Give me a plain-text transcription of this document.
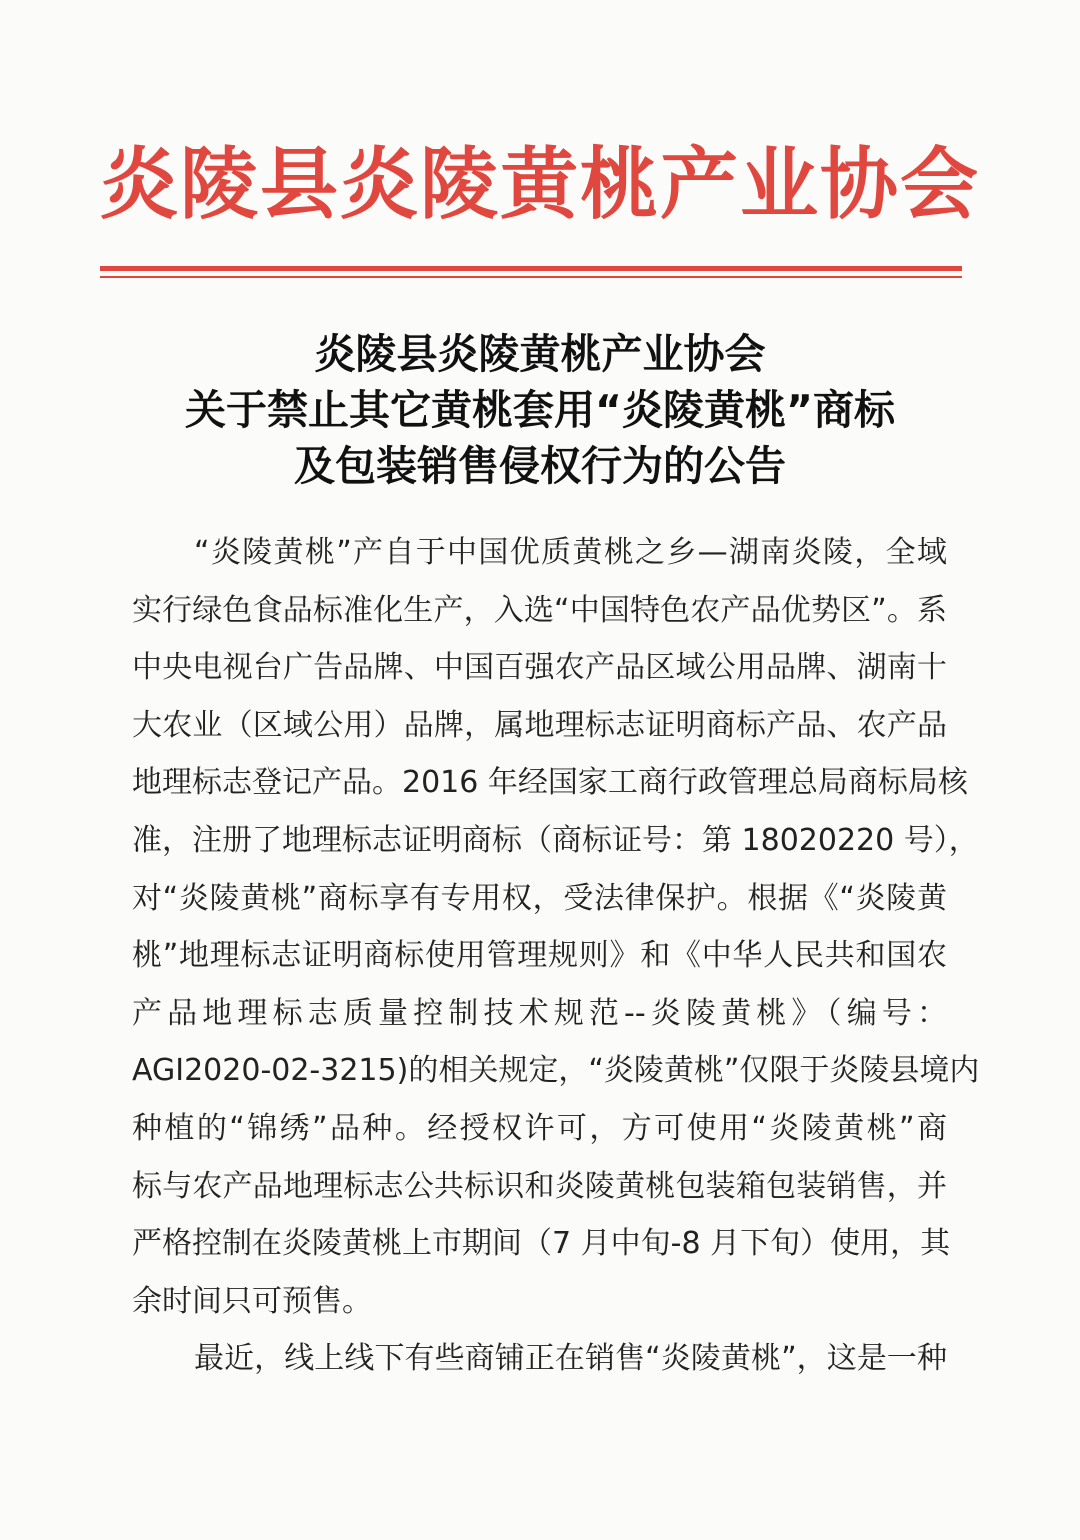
炎陵县炎陵黄桃产业协会
炎陵县炎陵黄桃产业协会
关于禁止其它黄桃套用“炎陵黄桃”商标
及包装销售侵权行为的公告
“炎陵黄桃”产自于中国优质黄桃之乡—湖南炎陵，全域
实行绿色食品标准化生产，入选“中国特色农产品优势区”。系
中央电视台广告品牌、中国百强农产品区域公用品牌、湖南十
大农业（区域公用）品牌，属地理标志证明商标产品、农产品
地理标志登记产品。2016 年经国家工商行政管理总局商标局核
准，注册了地理标志证明商标（商标证号：第 18020220 号），
对“炎陵黄桃”商标享有专用权，受法律保护。根据《“炎陵黄
桃”地理标志证明商标使用管理规则》和《中华人民共和国农
产品地理标志质量控制技术规范--炎陵黄桃》（编号：
AGI2020-02-3215)的相关规定，“炎陵黄桃”仅限于炎陵县境内
种植的“锦绣”品种。经授权许可，方可使用“炎陵黄桃”商
标与农产品地理标志公共标识和炎陵黄桃包装箱包装销售，并
严格控制在炎陵黄桃上市期间（7 月中旬-8 月下旬）使用，其
余时间只可预售。
最近，线上线下有些商铺正在销售“炎陵黄桃”，这是一种
